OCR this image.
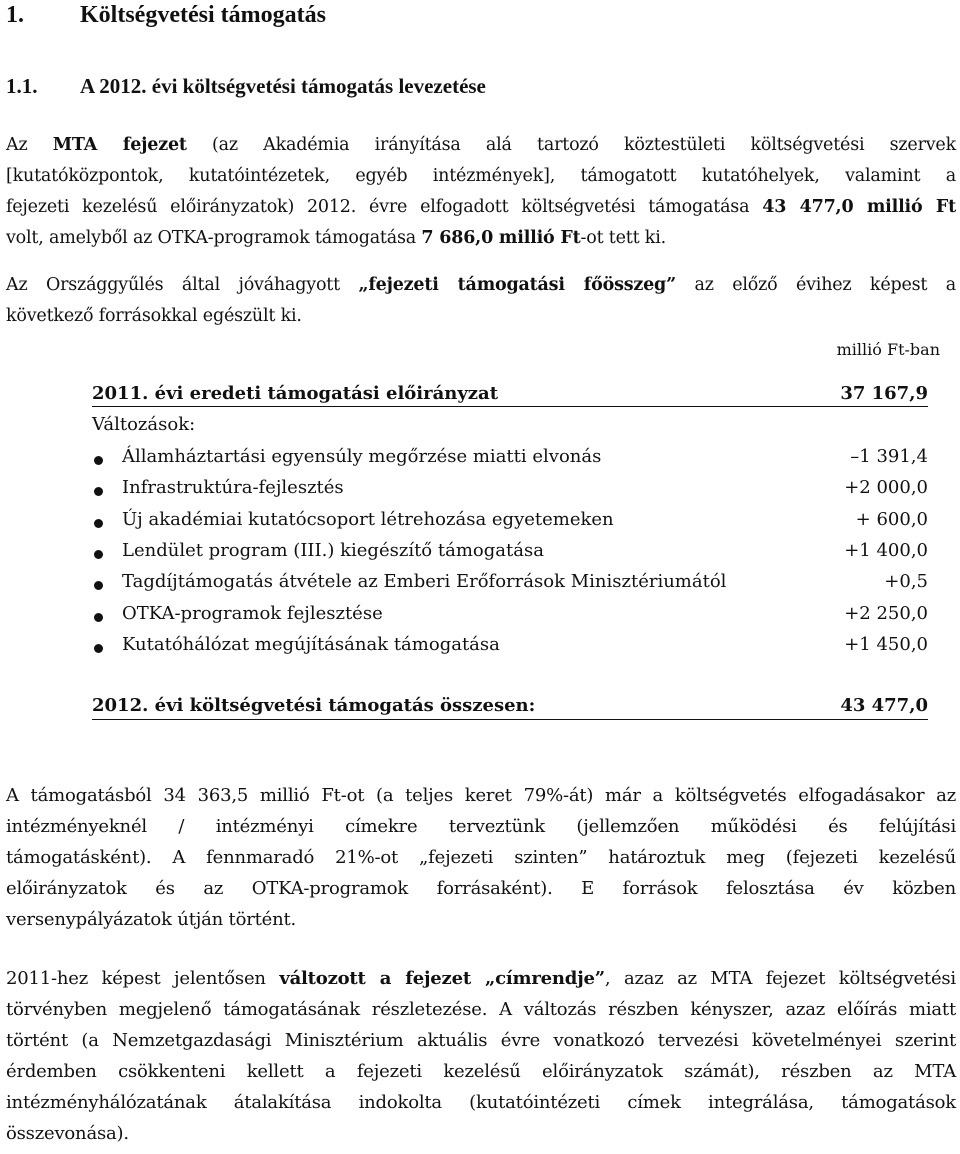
1. Költségvetési támogatás
1.1. A 2012. évi költségvetési támogatás levezetése
Az MTA fejezet (az Akadémia irányítása alá tartozó köztestületi költségvetési szervek
[kutatóközpontok, kutatóintézetek, egyéb intézmények], támogatott kutatóhelyek, valamint a
fejezeti kezelésű előirányzatok) 2012. évre elfogadott költségvetési támogatása 43 477,0 millió Ft
volt, amelyből az OTKA-programok támogatása 7 686,0 millió Ft-ot tett ki.
Az Országgyűlés által jóváhagyott „fejezeti támogatási főösszeg” az előző évihez képest a
következő forrásokkal egészült ki.
millió Ft-ban
2011. évi eredeti támogatási előirányzat	37 167,9
Változások:
Államháztartási egyensúly megőrzése miatti elvonás	–1 391,4
Infrastruktúra-fejlesztés	+2 000,0
Új akadémiai kutatócsoport létrehozása egyetemeken	+ 600,0
Lendület program (III.) kiegészítő támogatása	+1 400,0
Tagdíjtámogatás átvétele az Emberi Erőforrások Minisztériumától	+0,5
OTKA-programok fejlesztése	+2 250,0
Kutatóhálózat megújításának támogatása	+1 450,0
2012. évi költségvetési támogatás összesen:	43 477,0
A támogatásból 34 363,5 millió Ft-ot (a teljes keret 79%-át) már a költségvetés elfogadásakor az
intézményeknél / intézményi címekre terveztünk (jellemzően működési és felújítási
támogatásként). A fennmaradó 21%-ot „fejezeti szinten” határoztuk meg (fejezeti kezelésű
előirányzatok és az OTKA-programok forrásaként). E források felosztása év közben
versenypályázatok útján történt.
2011-hez képest jelentősen változott a fejezet „címrendje”, azaz az MTA fejezet költségvetési
törvényben megjelenő támogatásának részletezése. A változás részben kényszer, azaz előírás miatt
történt (a Nemzetgazdasági Minisztérium aktuális évre vonatkozó tervezési követelményei szerint
érdemben csökkenteni kellett a fejezeti kezelésű előirányzatok számát), részben az MTA
intézményhálózatának átalakítása indokolta (kutatóintézeti címek integrálása, támogatások
összevonása).
